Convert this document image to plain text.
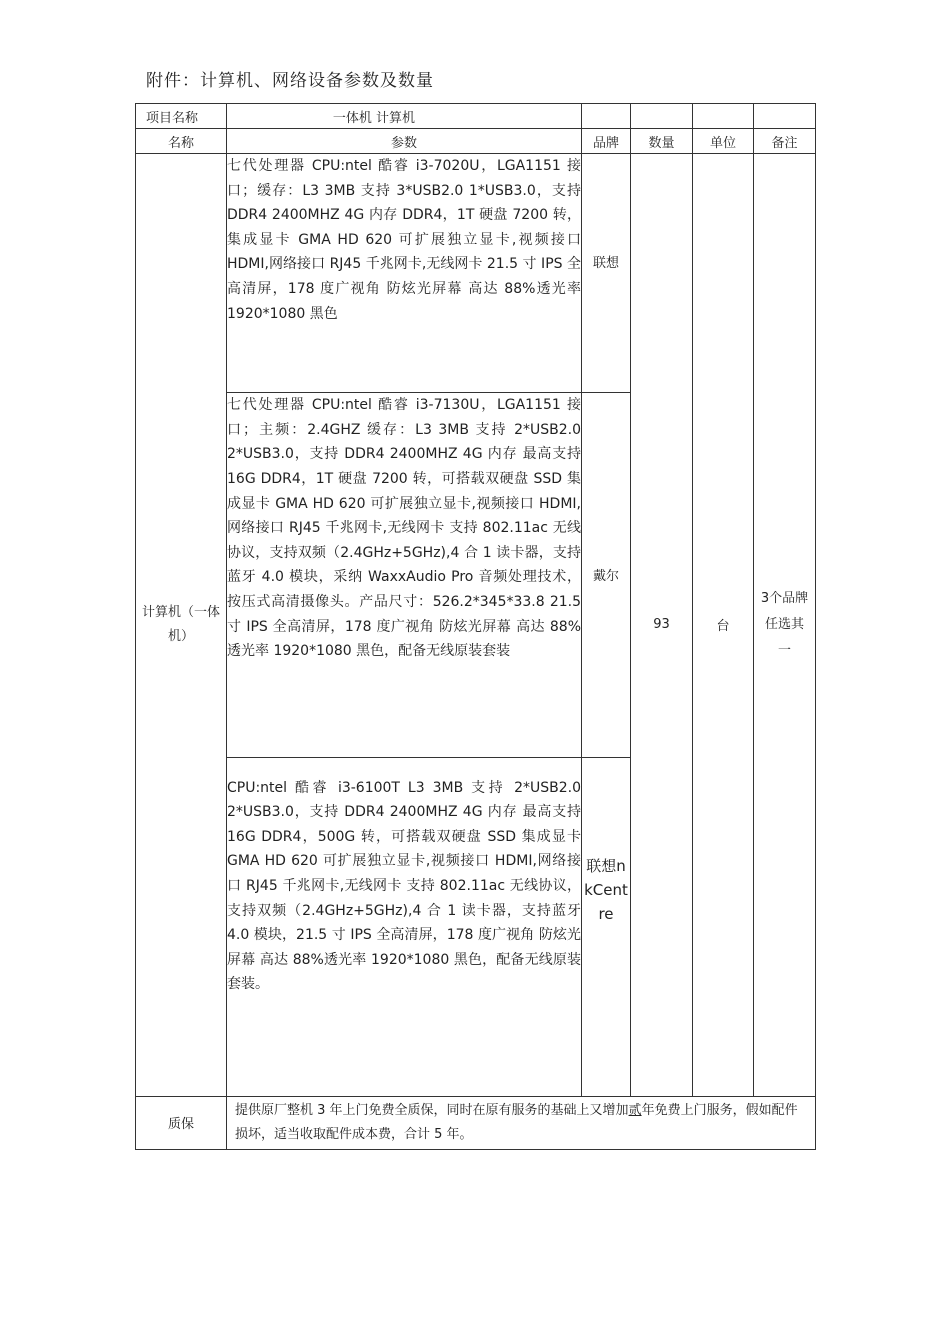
附件：计算机、网络设备参数及数量
项目名称	一体机 计算机				
名称	参数	品牌	数量	单位	备注
计算机（一体机）	七代处理器 CPU:ntel 酷睿 i3-7020U，LGA1151 接口；缓存：L3 3MB 支持 3*USB2.0 1*USB3.0，支持 DDR4 2400MHZ 4G 内存 DDR4，1T 硬盘 7200 转， 集成显卡 GMA HD 620 可扩展独立显卡,视频接口 HDMI,网络接口 RJ45 千兆网卡,无线网卡 21.5 寸 IPS 全高清屏，178 度广视角 防炫光屏幕 高达 88%透光率 1920*1080 黑色	联想	93	台	3个品牌任选其一
	七代处理器 CPU:ntel 酷睿 i3-7130U，LGA1151 接口；主频：2.4GHZ 缓存：L3 3MB 支持 2*USB2.0 2*USB3.0，支持 DDR4 2400MHZ 4G 内存 最高支持 16G DDR4，1T 硬盘 7200 转，可搭载双硬盘 SSD 集成显卡 GMA HD 620 可扩展独立显卡,视频接口 HDMI,网络接口 RJ45 千兆网卡,无线网卡 支持 802.11ac 无线协议，支持双频（2.4GHz+5GHz),4 合 1 读卡器，支持蓝牙 4.0 模块，采纳 WaxxAudio Pro 音频处理技术，按压式高清摄像头。产品尺寸：526.2*345*33.8 21.5 寸 IPS 全高清屏，178 度广视角 防炫光屏幕 高达 88%透光率 1920*1080 黑色，配备无线原装套装	戴尔			
	CPU:ntel 酷睿 i3-6100T L3 3MB 支持 2*USB2.0 2*USB3.0，支持 DDR4 2400MHZ 4G 内存 最高支持 16G DDR4，500G 转，可搭载双硬盘 SSD 集成显卡 GMA HD 620 可扩展独立显卡,视频接口 HDMI,网络接口 RJ45 千兆网卡,无线网卡 支持 802.11ac 无线协议，支持双频（2.4GHz+5GHz),4 合 1 读卡器，支持蓝牙 4.0 模块，21.5 寸 IPS 全高清屏，178 度广视角 防炫光屏幕 高达 88%透光率 1920*1080 黑色，配备无线原装套装。	联想nkCentre			
质保	提供原厂整机 3 年上门免费全质保，同时在原有服务的基础上又增加贰年免费上门服务，假如配件损坏，适当收取配件成本费，合计 5 年。				
